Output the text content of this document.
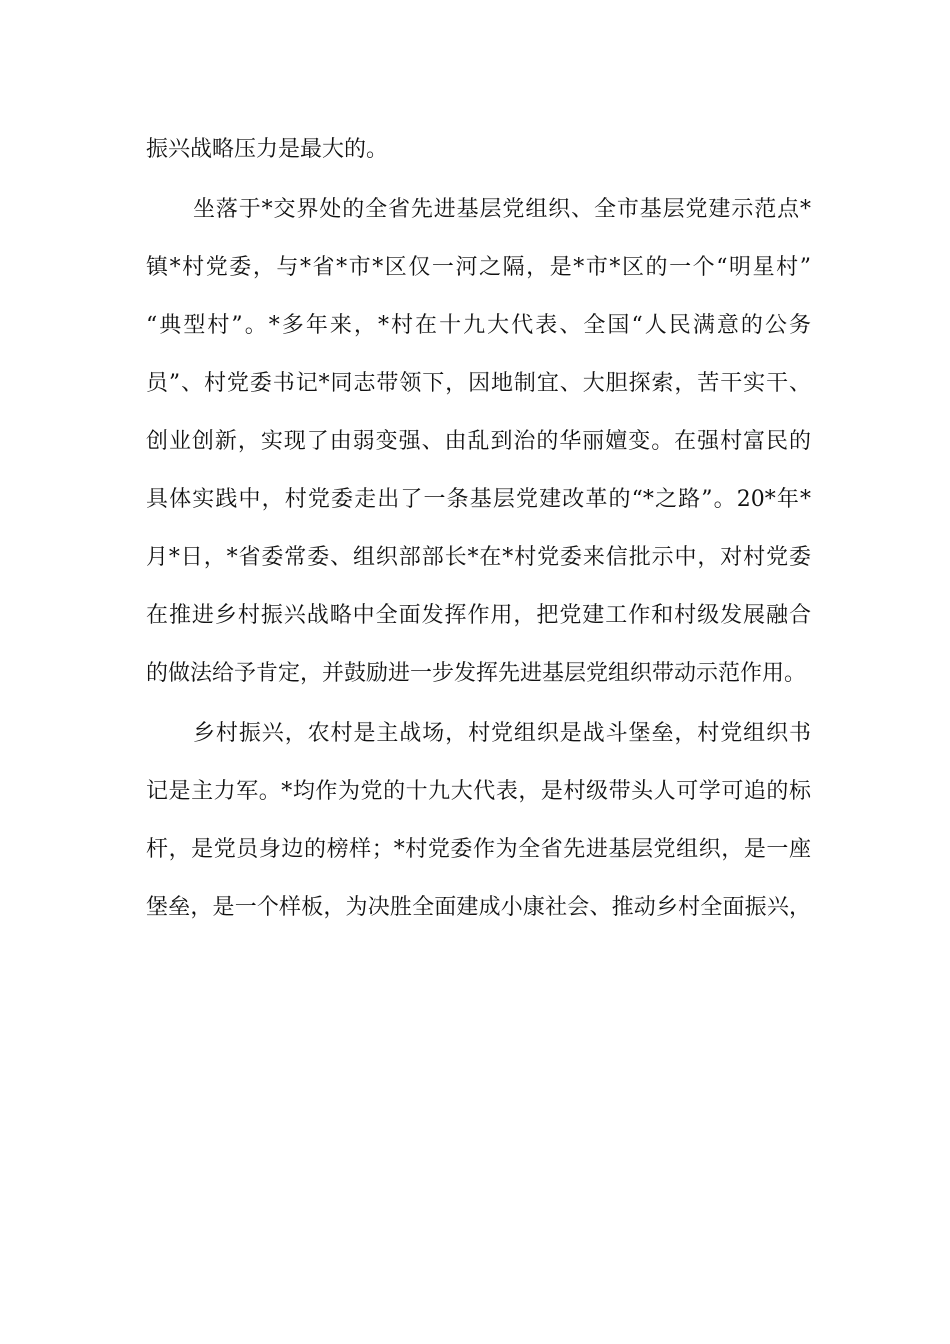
振兴战略压力是最大的。
坐落于*交界处的全省先进基层党组织、全市基层党建示范点*
镇*村党委，与*省*市*区仅一河之隔，是*市*区的一个“明星村”
“典型村”。*多年来，*村在十九大代表、全国“人民满意的公务
员”、村党委书记*同志带领下，因地制宜、大胆探索，苦干实干、
创业创新，实现了由弱变强、由乱到治的华丽嬗变。在强村富民的
具体实践中，村党委走出了一条基层党建改革的“*之路”。20*年*
月*日，*省委常委、组织部部长*在*村党委来信批示中，对村党委
在推进乡村振兴战略中全面发挥作用，把党建工作和村级发展融合
的做法给予肯定，并鼓励进一步发挥先进基层党组织带动示范作用。
乡村振兴，农村是主战场，村党组织是战斗堡垒，村党组织书
记是主力军。*均作为党的十九大代表，是村级带头人可学可追的标
杆，是党员身边的榜样；*村党委作为全省先进基层党组织，是一座
堡垒，是一个样板，为决胜全面建成小康社会、推动乡村全面振兴，
